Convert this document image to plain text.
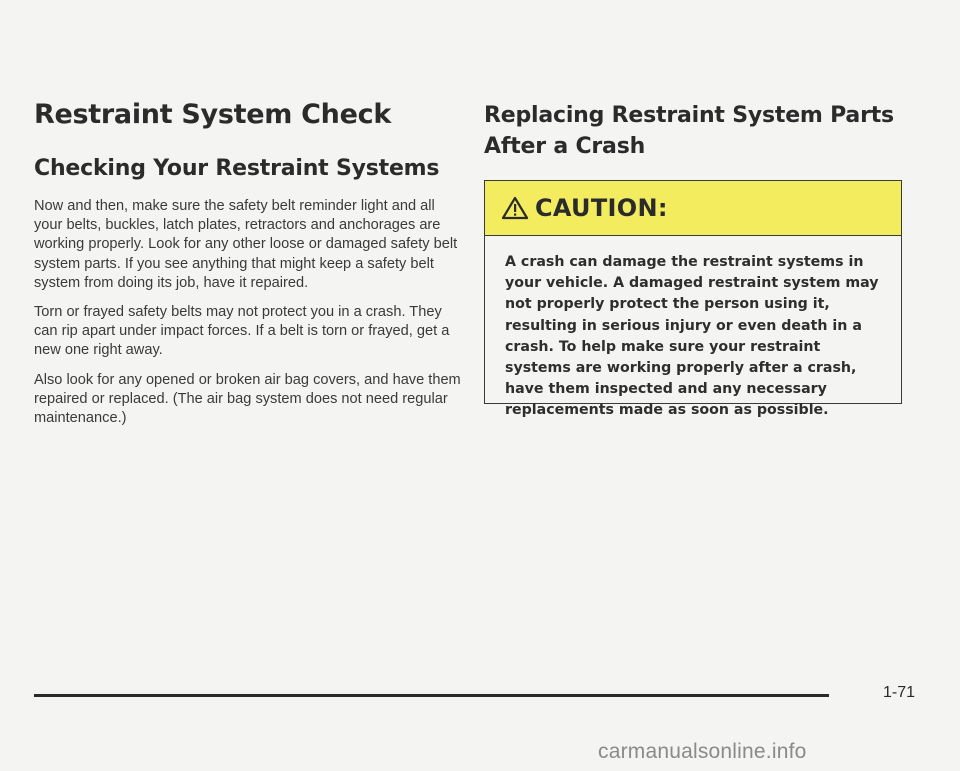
Restraint System Check
Checking Your Restraint Systems

Now and then, make sure the safety belt reminder light and all your belts, buckles, latch plates, retractors and anchorages are working properly. Look for any other loose or damaged safety belt system parts. If you see anything that might keep a safety belt system from doing its job, have it repaired.

Torn or frayed safety belts may not protect you in a crash. They can rip apart under impact forces. If a belt is torn or frayed, get a new one right away.

Also look for any opened or broken air bag covers, and have them repaired or replaced. (The air bag system does not need regular maintenance.)

Replacing Restraint System Parts
After a Crash
CAUTION:
A crash can damage the restraint systems in your vehicle. A damaged restraint system may not properly protect the person using it, resulting in serious injury or even death in a crash. To help make sure your restraint systems are working properly after a crash, have them inspected and any necessary replacements made as soon as possible.
1-71
carmanualsonline.info
